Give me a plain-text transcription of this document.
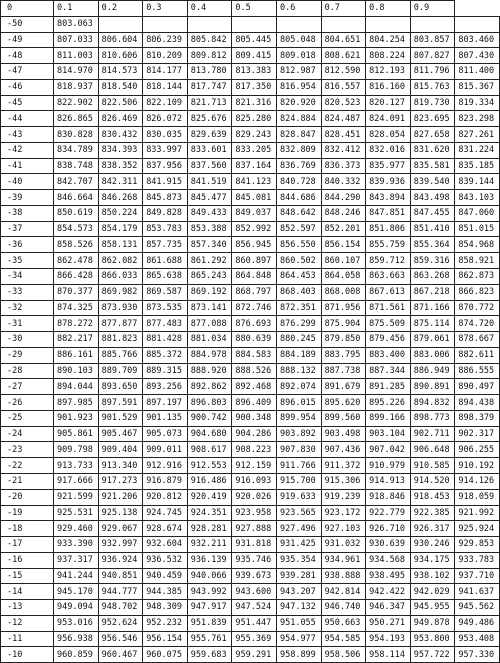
0	0.1	0.2	0.3	0.4	0.5	0.6	0.7	0.8	0.9	
-50	803.063									
-49	807.033	806.604	806.239	805.842	805.445	805.048	804.651	804.254	803.857	803.460
-48	811.003	810.606	810.209	809.812	809.415	809.018	808.621	808.224	807.827	807.430
-47	814.970	814.573	814.177	813.780	813.383	812.987	812.590	812.193	811.796	811.400
-46	818.937	818.540	818.144	817.747	817.350	816.954	816.557	816.160	815.763	815.367
-45	822.902	822.506	822.109	821.713	821.316	820.920	820.523	820.127	819.730	819.334
-44	826.865	826.469	826.072	825.676	825.280	824.884	824.487	824.091	823.695	823.298
-43	830.828	830.432	830.035	829.639	829.243	828.847	828.451	828.054	827.658	827.261
-42	834.789	834.393	833.997	833.601	833.205	832.809	832.412	832.016	831.620	831.224
-41	838.748	838.352	837.956	837.560	837.164	836.769	836.373	835.977	835.581	835.185
-40	842.707	842.311	841.915	841.519	841.123	840.728	840.332	839.936	839.540	839.144
-39	846.664	846.268	845.873	845.477	845.081	844.686	844.290	843.894	843.498	843.103
-38	850.619	850.224	849.828	849.433	849.037	848.642	848.246	847.851	847.455	847.060
-37	854.573	854.179	853.783	853.388	852.992	852.597	852.201	851.806	851.410	851.015
-36	858.526	858.131	857.735	857.340	856.945	856.550	856.154	855.759	855.364	854.968
-35	862.478	862.082	861.688	861.292	860.897	860.502	860.107	859.712	859.316	858.921
-34	866.428	866.033	865.638	865.243	864.848	864.453	864.058	863.663	863.268	862.873
-33	870.377	869.982	869.587	869.192	868.797	868.403	868.008	867.613	867.218	866.823
-32	874.325	873.930	873.535	873.141	872.746	872.351	871.956	871.561	871.166	870.772
-31	878.272	877.877	877.483	877.088	876.693	876.299	875.904	875.509	875.114	874.720
-30	882.217	881.823	881.428	881.034	880.639	880.245	879.850	879.456	879.061	878.667
-29	886.161	885.766	885.372	884.978	884.583	884.189	883.795	883.400	883.006	882.611
-28	890.103	889.709	889.315	888.920	888.526	888.132	887.738	887.344	886.949	886.555
-27	894.044	893.650	893.256	892.862	892.468	892.074	891.679	891.285	890.891	890.497
-26	897.985	897.591	897.197	896.803	896.409	896.015	895.620	895.226	894.832	894.438
-25	901.923	901.529	901.135	900.742	900.348	899.954	899.560	899.166	898.773	898.379
-24	905.861	905.467	905.073	904.680	904.286	903.892	903.498	903.104	902.711	902.317
-23	909.798	909.404	909.011	908.617	908.223	907.830	907.436	907.042	906.648	906.255
-22	913.733	913.340	912.916	912.553	912.159	911.766	911.372	910.979	910.585	910.192
-21	917.666	917.273	916.879	916.486	916.093	915.700	915.306	914.913	914.520	914.126
-20	921.599	921.206	920.812	920.419	920.026	919.633	919.239	918.846	918.453	918.059
-19	925.531	925.138	924.745	924.351	923.958	923.565	923.172	922.779	922.385	921.992
-18	929.460	929.067	928.674	928.281	927.888	927.496	927.103	926.710	926.317	925.924
-17	933.390	932.997	932.604	932.211	931.818	931.425	931.032	930.639	930.246	929.853
-16	937.317	936.924	936.532	936.139	935.746	935.354	934.961	934.568	934.175	933.783
-15	941.244	940.851	940.459	940.066	939.673	939.281	938.888	938.495	938.102	937.710
-14	945.170	944.777	944.385	943.992	943.600	943.207	942.814	942.422	942.029	941.637
-13	949.094	948.702	948.309	947.917	947.524	947.132	946.740	946.347	945.955	945.562
-12	953.016	952.624	952.232	951.839	951.447	951.055	950.663	950.271	949.878	949.486
-11	956.938	956.546	956.154	955.761	955.369	954.977	954.585	954.193	953.800	953.408
-10	960.859	960.467	960.075	959.683	959.291	958.899	958.506	958.114	957.722	957.330
